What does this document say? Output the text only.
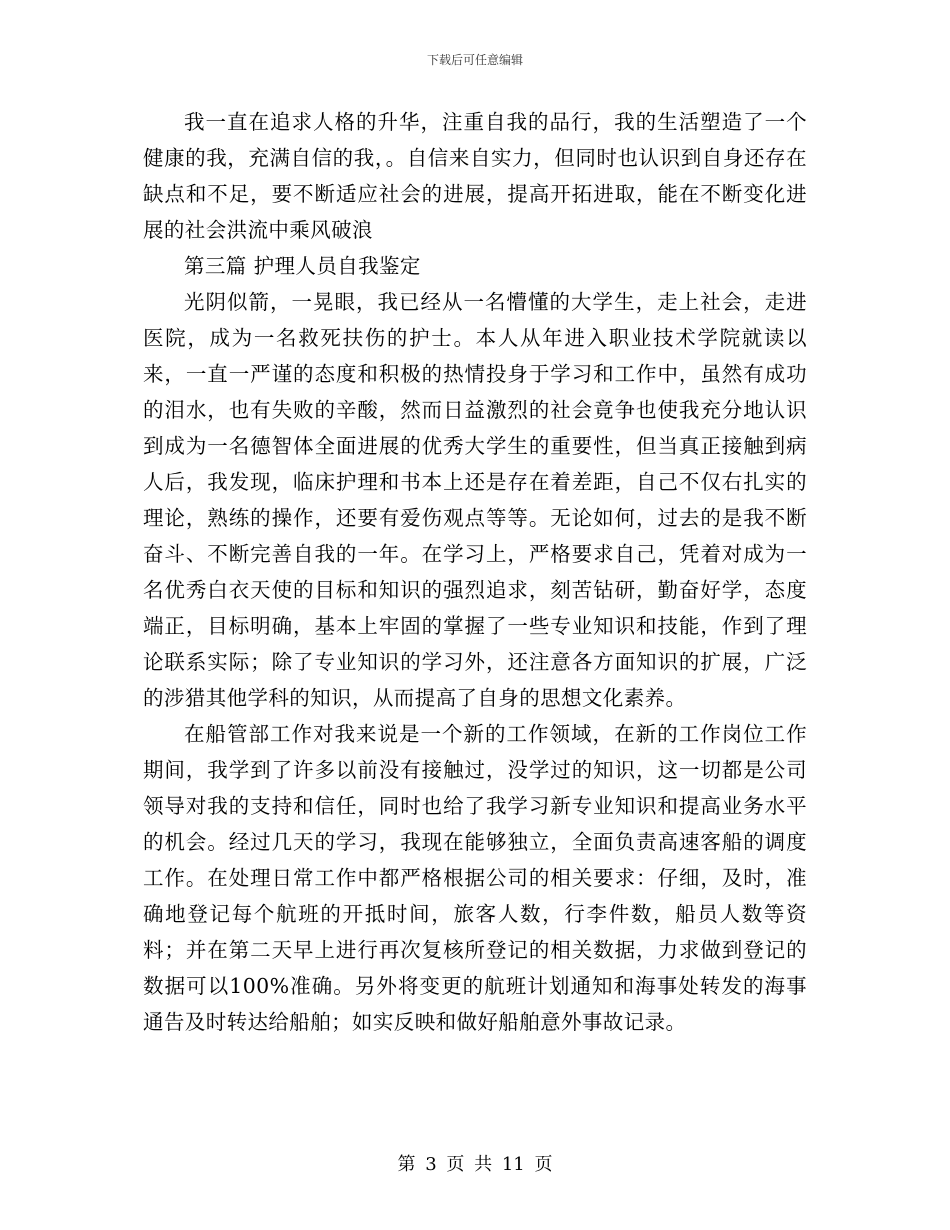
下载后可任意编辑

我一直在追求人格的升华，注重自我的品行，我的生活塑造了一个健康的我，充满自信的我，。自信来自实力，但同时也认识到自身还存在缺点和不足，要不断适应社会的进展，提高开拓进取，能在不断变化进展的社会洪流中乘风破浪

第三篇 护理人员自我鉴定

光阴似箭，一晃眼，我已经从一名懵懂的大学生，走上社会，走进医院，成为一名救死扶伤的护士。本人从年进入职业技术学院就读以来，一直一严谨的态度和积极的热情投身于学习和工作中，虽然有成功的泪水，也有失败的辛酸，然而日益激烈的社会竟争也使我充分地认识到成为一名德智体全面进展的优秀大学生的重要性，但当真正接触到病人后，我发现，临床护理和书本上还是存在着差距，自己不仅右扎实的理论，熟练的操作，还要有爱伤观点等等。无论如何，过去的是我不断奋斗、不断完善自我的一年。在学习上，严格要求自己，凭着对成为一名优秀白衣天使的目标和知识的强烈追求，刻苦钻研，勤奋好学，态度端正，目标明确，基本上牢固的掌握了一些专业知识和技能，作到了理论联系实际；除了专业知识的学习外，还注意各方面知识的扩展，广泛的涉猎其他学科的知识，从而提高了自身的思想文化素养。

在船管部工作对我来说是一个新的工作领域，在新的工作岗位工作期间，我学到了许多以前没有接触过，没学过的知识，这一切都是公司领导对我的支持和信任，同时也给了我学习新专业知识和提高业务水平的机会。经过几天的学习，我现在能够独立，全面负责高速客船的调度工作。在处理日常工作中都严格根据公司的相关要求：仔细，及时，准确地登记每个航班的开抵时间，旅客人数，行李件数，船员人数等资料；并在第二天早上进行再次复核所登记的相关数据，力求做到登记的数据可以100%准确。另外将变更的航班计划通知和海事处转发的海事通告及时转达给船舶；如实反映和做好船舶意外事故记录。

第 3 页 共 11 页
